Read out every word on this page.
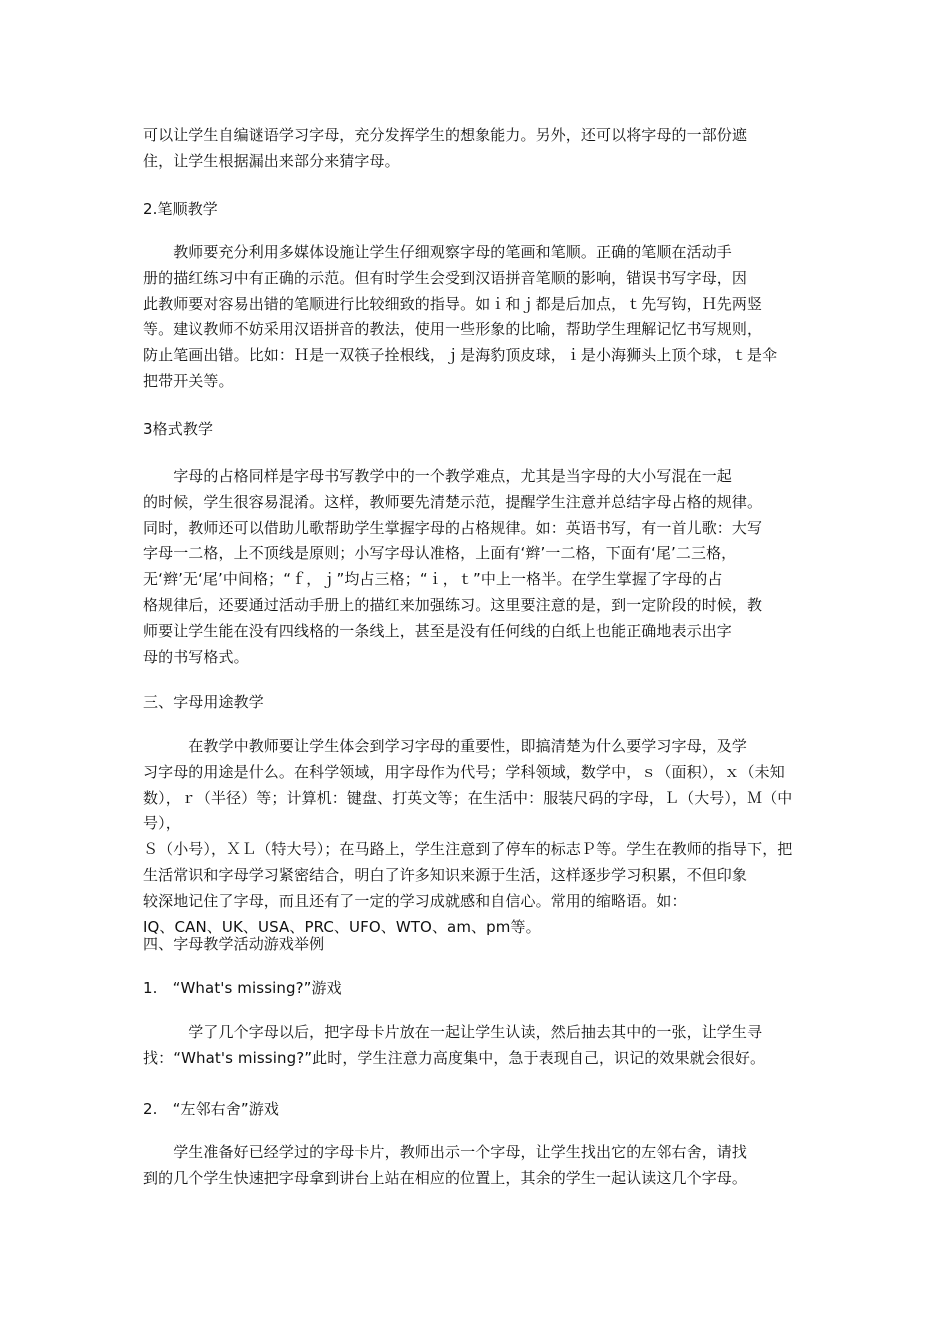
可以让学生自编谜语学习字母，充分发挥学生的想象能力。另外，还可以将字母的一部份遮
住，让学生根据漏出来部分来猜字母。
2.笔顺教学
　　教师要充分利用多媒体设施让学生仔细观察字母的笔画和笔顺。正确的笔顺在活动手
册的描红练习中有正确的示范。但有时学生会受到汉语拼音笔顺的影响，错误书写字母，因
此教师要对容易出错的笔顺进行比较细致的指导。如ｉ和ｊ都是后加点，ｔ先写钩，Ｈ先两竖
等。建议教师不妨采用汉语拼音的教法，使用一些形象的比喻，帮助学生理解记忆书写规则，
防止笔画出错。比如：Ｈ是一双筷子拴根线，ｊ是海豹顶皮球，ｉ是小海狮头上顶个球，ｔ是伞
把带开关等。
3格式教学
　　字母的占格同样是字母书写教学中的一个教学难点，尤其是当字母的大小写混在一起
的时候，学生很容易混淆。这样，教师要先清楚示范，提醒学生注意并总结字母占格的规律。
同时，教师还可以借助儿歌帮助学生掌握字母的占格规律。如：英语书写，有一首儿歌：大写
字母一二格，上不顶线是原则；小写字母认准格，上面有‘辫’一二格，下面有‘尾’二三格，
无‘辫’无‘尾’中间格；“ｆ，ｊ”均占三格；“ｉ，ｔ”中上一格半。在学生掌握了字母的占
格规律后，还要通过活动手册上的描红来加强练习。这里要注意的是，到一定阶段的时候，教
师要让学生能在没有四线格的一条线上，甚至是没有任何线的白纸上也能正确地表示出字
母的书写格式。
三、字母用途教学
　　　在教学中教师要让学生体会到学习字母的重要性，即搞清楚为什么要学习字母，及学
习字母的用途是什么。在科学领域，用字母作为代号；学科领域，数学中，ｓ（面积），ｘ（未知
数），ｒ（半径）等；计算机：键盘、打英文等；在生活中：服装尺码的字母，Ｌ（大号），Ｍ（中号），
Ｓ（小号），ＸＬ（特大号）；在马路上，学生注意到了停车的标志Ｐ等。学生在教师的指导下，把
生活常识和字母学习紧密结合，明白了许多知识来源于生活，这样逐步学习积累，不但印象
较深地记住了字母，而且还有了一定的学习成就感和自信心。常用的缩略语。如：
IQ、CAN、UK、USA、PRC、UFO、WTO、am、pm等。
四、字母教学活动游戏举例
1.　“What's missing?”游戏
　　　学了几个字母以后，把字母卡片放在一起让学生认读，然后抽去其中的一张，让学生寻
找：“What's missing?”此时，学生注意力高度集中，急于表现自己，识记的效果就会很好。
2.　“左邻右舍”游戏
　　学生准备好已经学过的字母卡片，教师出示一个字母，让学生找出它的左邻右舍，请找
到的几个学生快速把字母拿到讲台上站在相应的位置上，其余的学生一起认读这几个字母。
